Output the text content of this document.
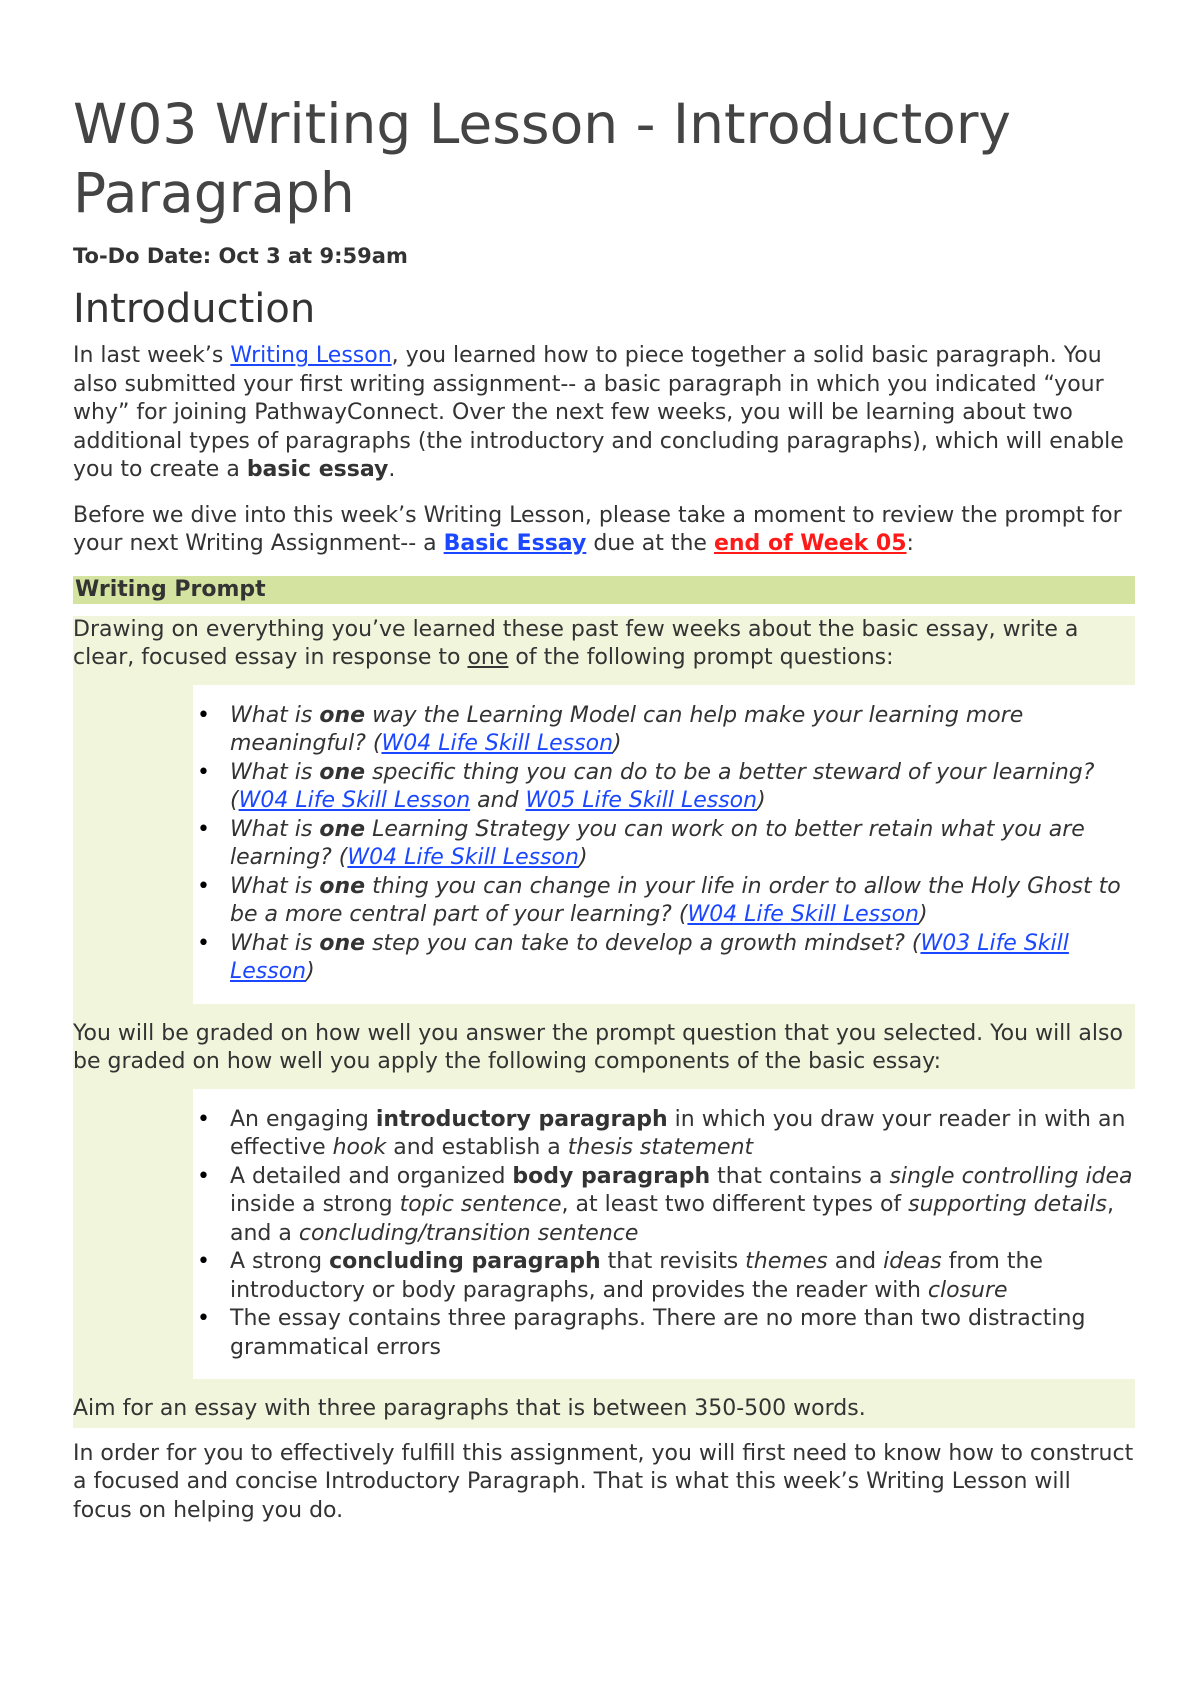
W03 Writing Lesson - Introductory Paragraph
To-Do Date: Oct 3 at 9:59am
Introduction

In last week’s Writing Lesson, you learned how to piece together a solid basic paragraph. You also submitted your first writing assignment-- a basic paragraph in which you indicated “your why” for joining PathwayConnect. Over the next few weeks, you will be learning about two additional types of paragraphs (the introductory and concluding paragraphs), which will enable you to create a basic essay.

Before we dive into this week’s Writing Lesson, please take a moment to review the prompt for your next Writing Assignment-- a Basic Essay due at the end of Week 05:

Writing Prompt

Drawing on everything you’ve learned these past few weeks about the basic essay, write a clear, focused essay in response to one of the following prompt questions:

• What is one way the Learning Model can help make your learning more meaningful? (W04 Life Skill Lesson)
• What is one specific thing you can do to be a better steward of your learning? (W04 Life Skill Lesson and W05 Life Skill Lesson)
• What is one Learning Strategy you can work on to better retain what you are learning? (W04 Life Skill Lesson)
• What is one thing you can change in your life in order to allow the Holy Ghost to be a more central part of your learning? (W04 Life Skill Lesson)
• What is one step you can take to develop a growth mindset? (W03 Life Skill Lesson)

You will be graded on how well you answer the prompt question that you selected. You will also be graded on how well you apply the following components of the basic essay:

• An engaging introductory paragraph in which you draw your reader in with an effective hook and establish a thesis statement
• A detailed and organized body paragraph that contains a single controlling idea inside a strong topic sentence, at least two different types of supporting details, and a concluding/transition sentence
• A strong concluding paragraph that revisits themes and ideas from the introductory or body paragraphs, and provides the reader with closure
• The essay contains three paragraphs. There are no more than two distracting grammatical errors

Aim for an essay with three paragraphs that is between 350-500 words.

In order for you to effectively fulfill this assignment, you will first need to know how to construct a focused and concise Introductory Paragraph. That is what this week’s Writing Lesson will focus on helping you do.
